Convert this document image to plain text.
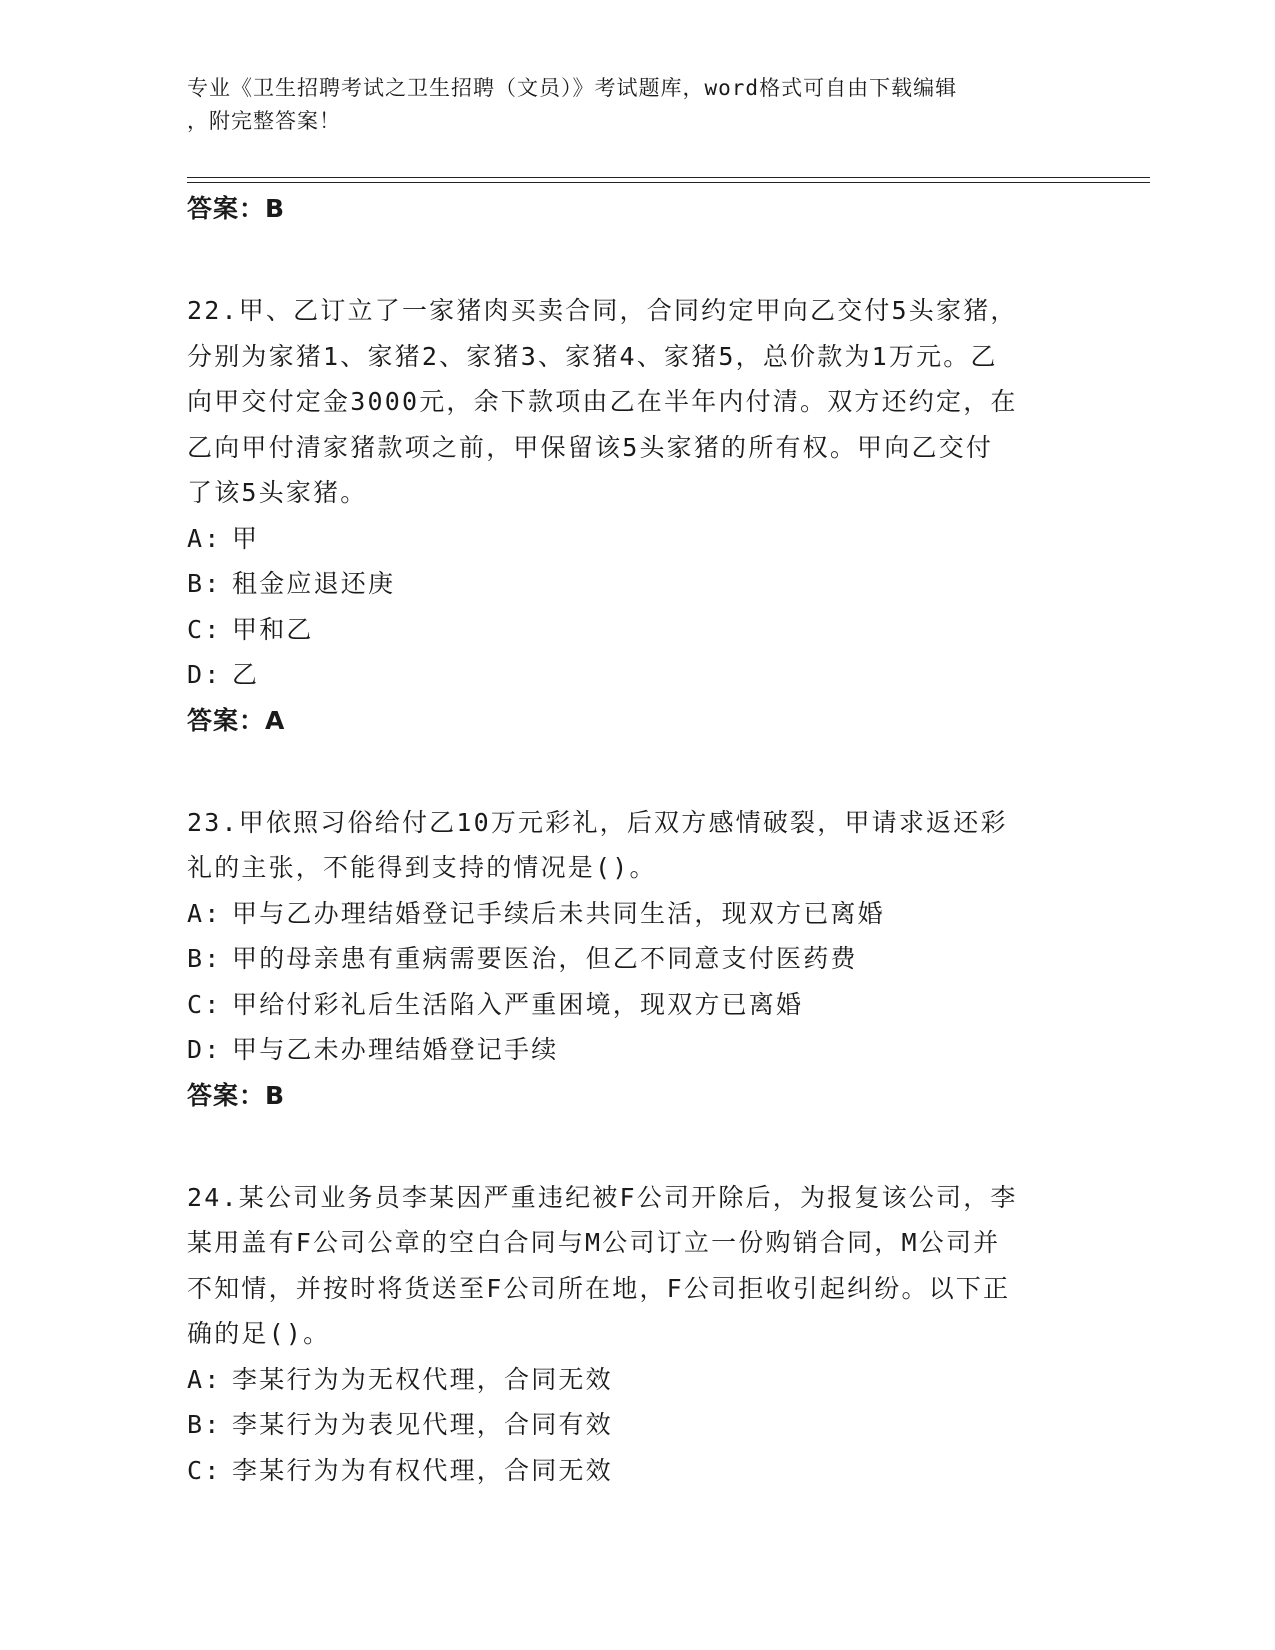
专业《卫生招聘考试之卫生招聘（文员）》考试题库，word格式可自由下载编辑
，附完整答案！
答案：B
22.甲、乙订立了一家猪肉买卖合同，合同约定甲向乙交付5头家猪，
分别为家猪1、家猪2、家猪3、家猪4、家猪5，总价款为1万元。乙
向甲交付定金3000元，余下款项由乙在半年内付清。双方还约定，在
乙向甲付清家猪款项之前，甲保留该5头家猪的所有权。甲向乙交付
了该5头家猪。
A: 甲
B: 租金应退还庚
C: 甲和乙
D: 乙
答案：A
23.甲依照习俗给付乙10万元彩礼，后双方感情破裂，甲请求返还彩
礼的主张，不能得到支持的情况是()。
A: 甲与乙办理结婚登记手续后未共同生活，现双方已离婚
B: 甲的母亲患有重病需要医治，但乙不同意支付医药费
C: 甲给付彩礼后生活陷入严重困境，现双方已离婚
D: 甲与乙未办理结婚登记手续
答案：B
24.某公司业务员李某因严重违纪被F公司开除后，为报复该公司，李
某用盖有F公司公章的空白合同与M公司订立一份购销合同，M公司并
不知情，并按时将货送至F公司所在地，F公司拒收引起纠纷。以下正
确的足()。
A: 李某行为为无权代理，合同无效
B: 李某行为为表见代理，合同有效
C: 李某行为为有权代理，合同无效
